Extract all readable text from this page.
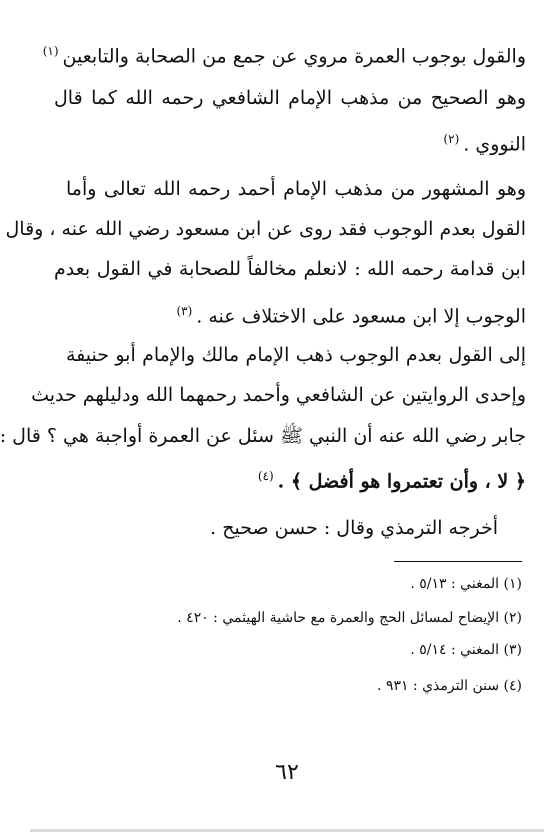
والقول بوجوب العمرة مروي عن جمع من الصحابة والتابعين$^{(١)}$
وهو الصحيح من مذهب الإمام الشافعي رحمه الله كما قال
النووي .$^{(٢)}$
وهو المشهور من مذهب الإمام أحمد رحمه الله تعالى وأما
القول بعدم الوجوب فقد روى عن ابن مسعود رضي الله عنه ، وقال
ابن قدامة رحمه الله : لانعلم مخالفاً للصحابة في القول بعدم
الوجوب إلا ابن مسعود على الاختلاف عنه .$^{(٣)}$
إلى القول بعدم الوجوب ذهب الإمام مالك والإمام أبو حنيفة
وإحدى الروايتين عن الشافعي وأحمد رحمهما الله ودليلهم حديث
جابر رضي الله عنه أن النبي ﷺ سئل عن العمرة أواجبة هي ؟ قال :
﴿ لا ، وأن تعتمروا هو أفضل ﴾ .$^{(٤)}$
أخرجه الترمذي وقال : حسن صحيح .
(١) المغني : ٥/١٣ .
(٢) الإيضاح لمسائل الحج والعمرة مع حاشية الهيثمي : ٤٢٠ .
(٣) المغني : ٥/١٤ .
(٤) سنن الترمذي : ٩٣١ .
٦٢
